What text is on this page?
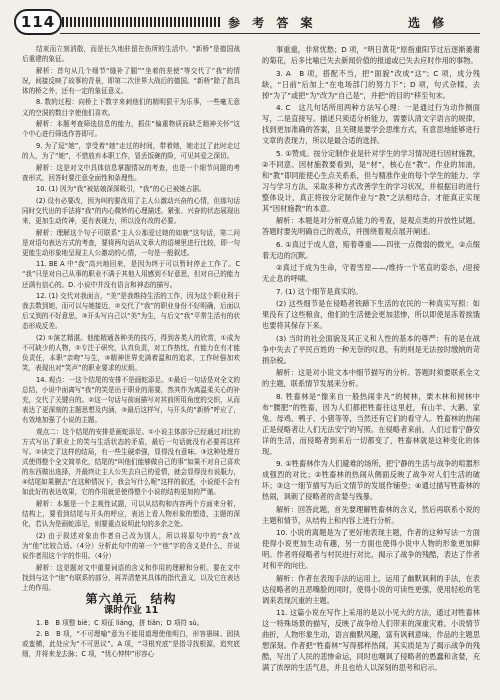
114	参 考 答 案	选 修

结束而立刻消散，而是长久地驻留在伤所的生活中。“新桥”是德国战后重建的象征。

解析：首句从几个细节“缝补了腿”“坐着的差使”等交代了“我”的情况，间接反映了故事的背景，即第二次世界大战后的德国。“新桥”除了指具体的桥之外，还有一定的象征意义。

8. 数的过程：向桥上下数字来刺他们的精明狠干为乐事，一些毫无意义的空洞的数目字使他们喜欢。

解析：本题考查筛选信息的能力，抓住“偏重物质而缺乏精神关怀”这个中心进行筛选作答即可。

9. 为了逗“她”，享受着“她”走过的时间，带着她，她走过了此时走过的人，为了“她”，不惜放弃本职工作，冒丢饭碗的险，可见其爱之深切。

解析：这是对文中具体信息掌握情况的考查，也是一个细节问题的考查形式，回答时要注意全面性和条理性。

10. (1) 因为“我”被姑娘深深吸引，“我”的心已被她占据。

(2) 设有必要改，因为叫的要改用了主人公激动兴奋的心情，但那句话同时交代出的手法将“我”的内心微妙的心理描述、紧张、兴奋的状态展现出来，更加生动传神，更有表现力，所以没有改的必要。

解析：理解这个句子可联系“主人公那爱过她的如鹿”这句话，第二问是对语句表达方式的考查，要将两句话从文章大的语境里进行比较，即一句更能生动形象地呈现主人公激动的心情，一句是一般叙述。

11. BE A 中“我”高兴地回来，是因为终于可以暂时停止工作了。C “我”只是对自己从事的职业不满于其他人用感到不好意思，但对自己的能力还满有信心的。D. 小说中并没有语言和神态的描写。

12. (1) 交代对我面言，“美”是我维持生活的工作，因为这个职业利于我去数到她，而可以与她接近，②交代了“我”的职业身份不好明确，后面以后又到的不好意思，③开头写自己以“美”为生，与后文“我”平常生活有的状态形成反差。

(2) ①演艺精湛。他能精通各种美的技巧，得到各类人的欣赏，①成为不可缺少的人物，②专注于研究，认真负责，对工作热忱，有能力在有才能负责任，本职“亲吻”与生，③精神世界充满着温和的追求，工作时强加欢笑，表现出对“笑声”的职业要求的厌烦。

14. 观点：一这个结尾的安排不是画蛇添足。①最后一句话是对全文的总结，小说中面离写“我”的笑是出于职业的需要，然其作为离温柔关心的补充，交代了关键自的。②这一句话与前面描写对其前所用角度的交织，从而表达了更深刻的主题思想及内涵，③最后这样写，与开头的“新桥”呼应了，有效地加强了小说的主题。

观点二：这个结尾的安排是画蛇添足。①小说主体部分已经通过对比的方式写出了职业上的笑与生活状态的矛盾，最后一句话就没有必要再这样写。②读完了这样的结局，有一些生硬牵强，显得没有意味。③这种处理方式使得整个全文简单化，结尾的“叫他们能够做自己的事”如果不对自己喜欢的东西做出选择，并最终让主人公失去自己的爱情，就会显得没有说服力，④结尾如果删去“在这种情况下，我会写什么呢”这样的叙述，小说便不会有如此好的表达效果，它的作用就是使得整个小说的结构更加的严谨。

解析：本题是一个主观性试题，可以从结构和内容两个方面来分析，结构上，要看到结尾与开头的呼应，表达上看人物形象的塑造，主题的深化，若认为是画蛇添足，则要重点说明此句的多余之处。

(2) 由于叙述对象由作者自己改为别人，所以将原句中的“我”改为“他”比较合适。（4分）分析此句中的第一个“他”字的含义是什么，并说说作者用这个字的作用。（4分）

解析：这是题对文中重要词语的含义和作用的理解和分析。要在文中找到与这个“他”有联系的部分，再弄清楚其具体的指代意义，以及它在表达上的作用。

第六单元　结构

课时作业 11

1. B　B 项整 biè；C 项征 liáng，拼 tiǎn；D 项符 sù。

2. B　B 项，“不可理喻”意为不能用道理使他明白，形容愚昧、固执或蛮横，此处应为“不可思议”。A 项，“寻根究底”是指寻找根源，追究底细，并将来龙去脉；C 项，“忧心忡忡”形容心

事重重，非常忧愁；D 项，“明日黄花”原指重阳节过后逐渐萎谢的菊花，后多比喻已失去新闻价值的报道或已失去应时作用的事物。

3. A　B 项，搭配不当，把“面貌”改成“这”；C 项，成分残缺，“日前”后加上“在电场部门的努力下”；D 项，句式杂糅，去掉“为了”或把“为”改为“自己是”，并把“的目的”移至句末。

4. C　这几句话所用两种方法写心理：一是通过行为动作侧面写，二是直接写。描述只须适分析能力，需要认清文字语言的规律，找到更加准确的答案，且关键是要学会思维方式，有意思地能够进行文章的表现力，所以是最合适的选择。

5. ①赞成。按分定制作业是针对学生的学习情况进行因材施教，②不同意。因材施教要看到，是“材”，核心在“教”。作业的加油，和“教”即同能使心生点关系系，但与精准作业的每个学生的能力、学习与学习方法，采取多种方式改善学生的学习状况，并根据目的进行整体设计，真正将按分定制作业与“教”之法相结合，才能真正实现其“因材施教”的本意。

解析：本题是对分析观点能力的考查，是观点类的开放性试题。答题时要先明确自己的观点，并围绕着观点展开阐述。

6. ①真过于成人意，赔着尊重——四张一点微弱的微光，②点缀着无边的沉默。

②真过于成为生命，守着雪原——/维持一个笔直的姿态，/迎接无止息的呼啸。

7. (1) 这个细节是真实的。

(2) 这些细节是在侵略者铁蹄下生活的农民的一种真实写照：如果没有了这些粮食，他们的生活便会更加悲惨，所以即使是冻着挨饿也要将其保存下来。

(3) 当时的社会面貌及其正义和人性的基本的尊严：有的是在战争中失去了平民百姓的一种无奈的叹息，有的则是无法按时缴纳的苛捐杂税。

解析：这是对小说文本中细节描写的分析。答题时须要联系全文的主题，联系情节发展来分析。

8. 牲畜林是“像来自一般热闹非凡”的树林，栗木林和树林中布“腰肥”的牲畜，因为人们都把牲畜往这里赶，有山羊、大鹅、家兔、母鸡、鸭子、小猪等等，当然还有它们的看守人。牲畜林的热闹正是侵略者让人们无法安宁的写照。在侵略者来前，人们过着宁静安详的生活，而侵略者到来后一切都变了，牲畜林就是这种变化的体现。

9. ①牲畜林作为人们避难的场所，把宁静的生活与战争的喧嚣形成强烈的对比；②牲畜林的热闹从侧面反映了战争对人们生活的破坏；③这一细节描写为后文情节的发展作铺垫；④通过描写牲畜林的热闹，讽刺了侵略者的贪婪与残暴。

解析：回答此题，首先要理解牲畜林的含义，然后再联系小说的主题和情节，从结构上和内容上进行分析。

10. 小说的离题是为了更好地表现主题，作者的这种写法一方面使得小说更加生动有趣，另一方面也使得小说中人物的形象更加鲜明。作者将侵略者与村民进行对比，揭示了战争的残酷，表达了作者对和平的向往。

解析：作者在表现手法的运用上，运用了幽默讽刺的手法，在表达侵略者的丑恶嘴脸的同时，使得小说的可读性更强，使用轻松的笔调来表现沉重的主题。

11. 这篇小说在写作上采用的是以小见大的方法，通过对牲畜林这一特殊场景的描写，反映了战争给人们带来的深重灾难。小说情节曲折，人物形象生动，语言幽默风趣，富有讽刺意味，作品的主题思想深刻。作者把“牲畜林”写得那样热闹，其实质是为了揭示战争的残酷，写出了人民的悲惨命运，同时也嘲讽了侵略者的愚蠢和贪婪，充满了浓厚的生活气息，并且也给人以深刻的思考和启示。
